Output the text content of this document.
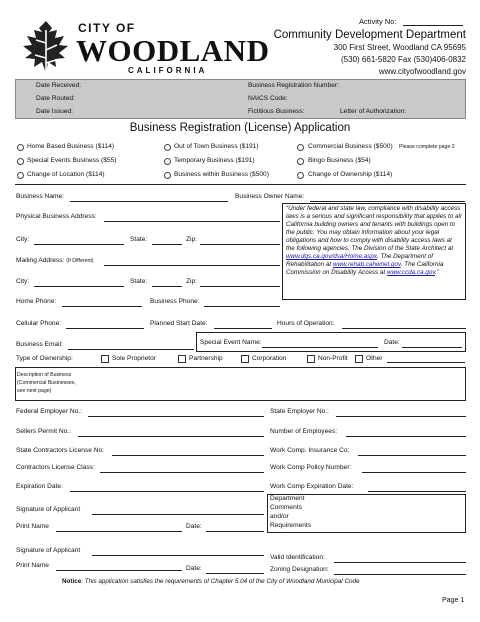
CITY OF
WOODLAND
CALIFORNIA
Activity No:
Community Development Department
300 First Street, Woodland CA 95695
(530) 661-5820 Fax (530)406-0832
www.cityofwoodland.gov
Date Received:
Date Routed:
Date Issued:
Business Registration Number:
NAICS Code:
Fictitious Business:	Letter of Authorization:
Business Registration (License) Application
Home Based Business ($114)	Out of Town Business ($191)	Commercial Business ($500) Please complete page 2
Special Events Business ($55)	Temporary Business ($191)	Bingo Business ($54)
Change of Location ($114)	Business within Business ($500)	Change of Ownership ($114)
Business Name:	Business Owner Name:
Physical Business Address:
City:	State:	Zip:
Mailing Address: (If Different)
City:	State:	Zip:
Home Phone:	Business Phone:
“Under federal and state law, compliance with disability access laws is a serious and significant responsibility that applies to all California building owners and tenants with buildings open to the public. You may obtain information about your legal obligations and how to comply with disability access laws at the following agencies: The Division of the State Architect at www.dgs.ca.gov/dsa/Home.aspx. The Department of Rehabilitation at www.rehab.cahwnet.gov. The California Commission on Disability Access at www.ccda.ca.gov.”
Cellular Phone:	Planned Start Date:	Hours of Operation:
Business Email:	Special Event Name:	Date:
Type of Ownership:	Sole Proprietor	Partnership	Corporation	Non-Profit	Other
Description of Business
(Commercial Businesses,
see next page)
Federal Employer No.:
Sellers Permit No.:
State Contractors License No:
Contractors License Class:
Expiration Date:
State Employer No.:
Number of Employees:
Work Comp. Insurance Co:
Work Comp Policy Number:
Work Comp Expiration Date:
Signature of Applicant
Print Name	Date:
Department
Comments
and/or
Requirements
Signature of Applicant
Print Name	Date:
Valid Identification:
Zoning Designation:
Notice: This application satisfies the requirements of Chapter 5.04 of the City of Woodland Municipal Code
Page 1
